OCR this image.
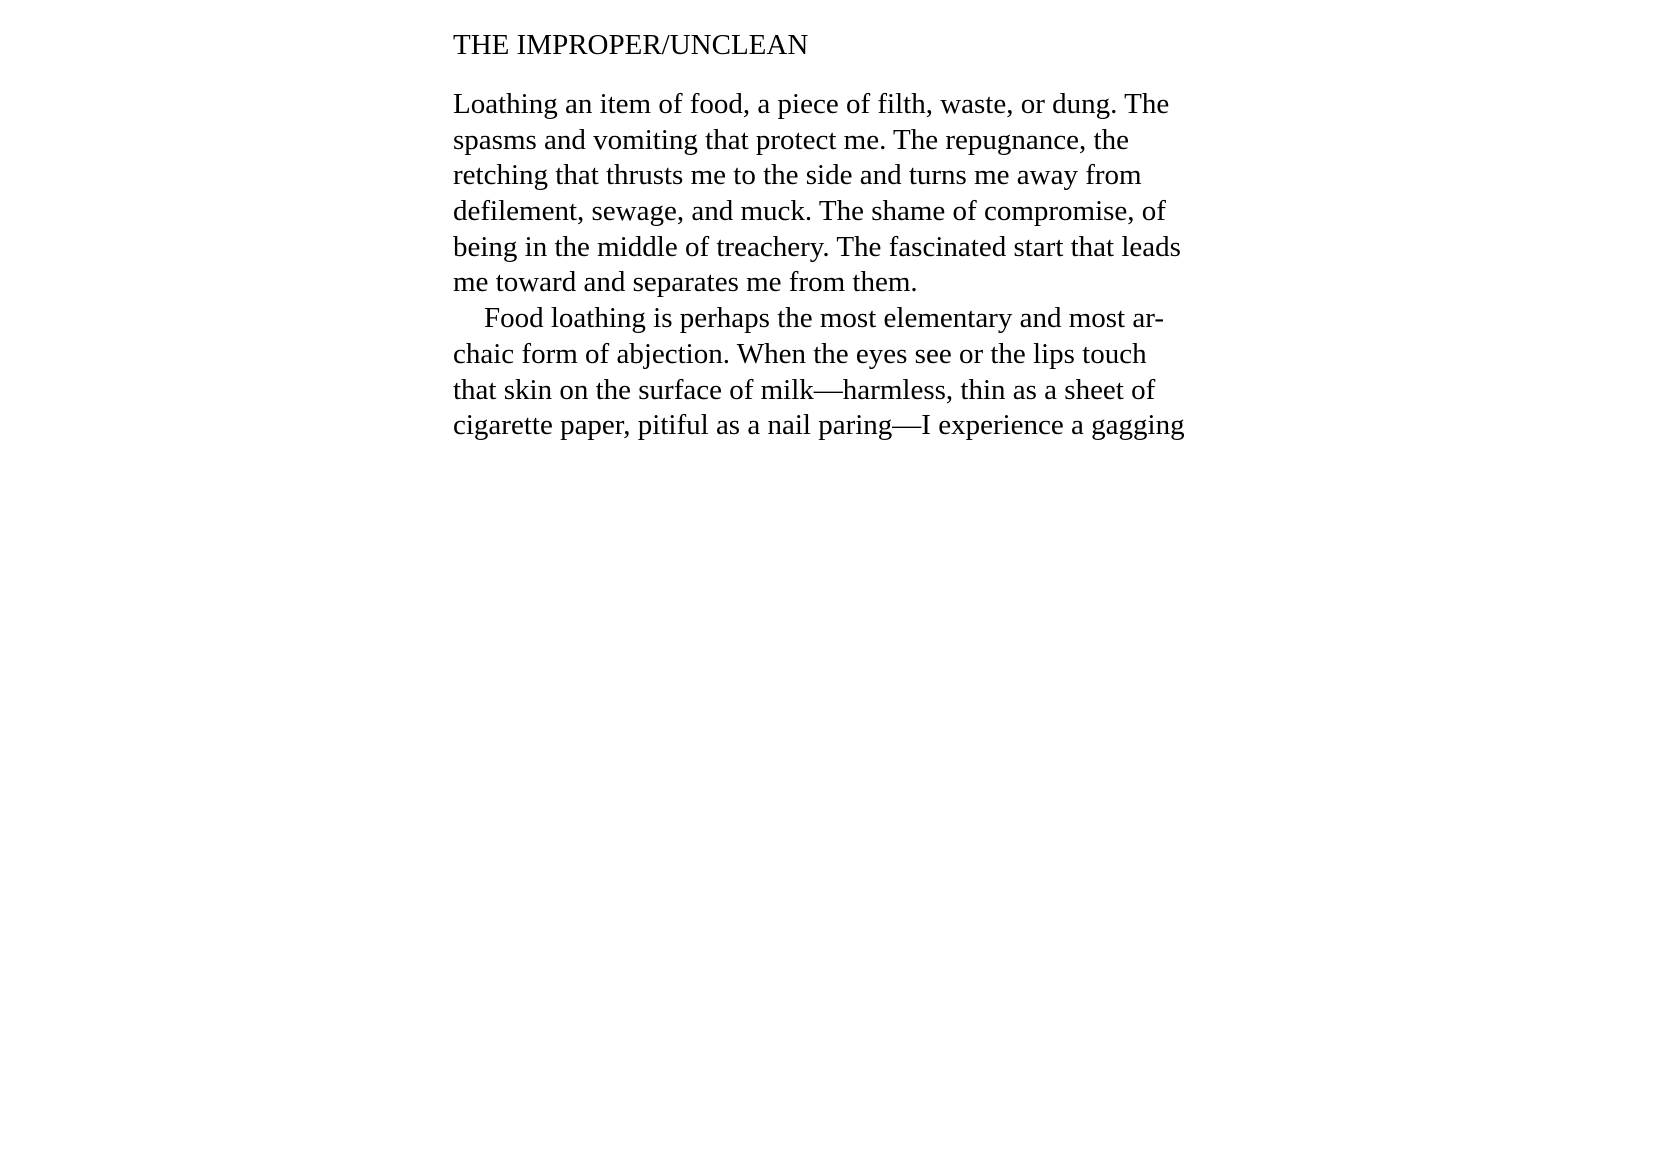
THE IMPROPER/UNCLEAN
Loathing an item of food, a piece of filth, waste, or dung. The
spasms and vomiting that protect me. The repugnance, the
retching that thrusts me to the side and turns me away from
defilement, sewage, and muck. The shame of compromise, of
being in the middle of treachery. The fascinated start that leads
me toward and separates me from them.
Food loathing is perhaps the most elementary and most ar-
chaic form of abjection. When the eyes see or the lips touch
that skin on the surface of milk—harmless, thin as a sheet of
cigarette paper, pitiful as a nail paring—I experience a gagging
